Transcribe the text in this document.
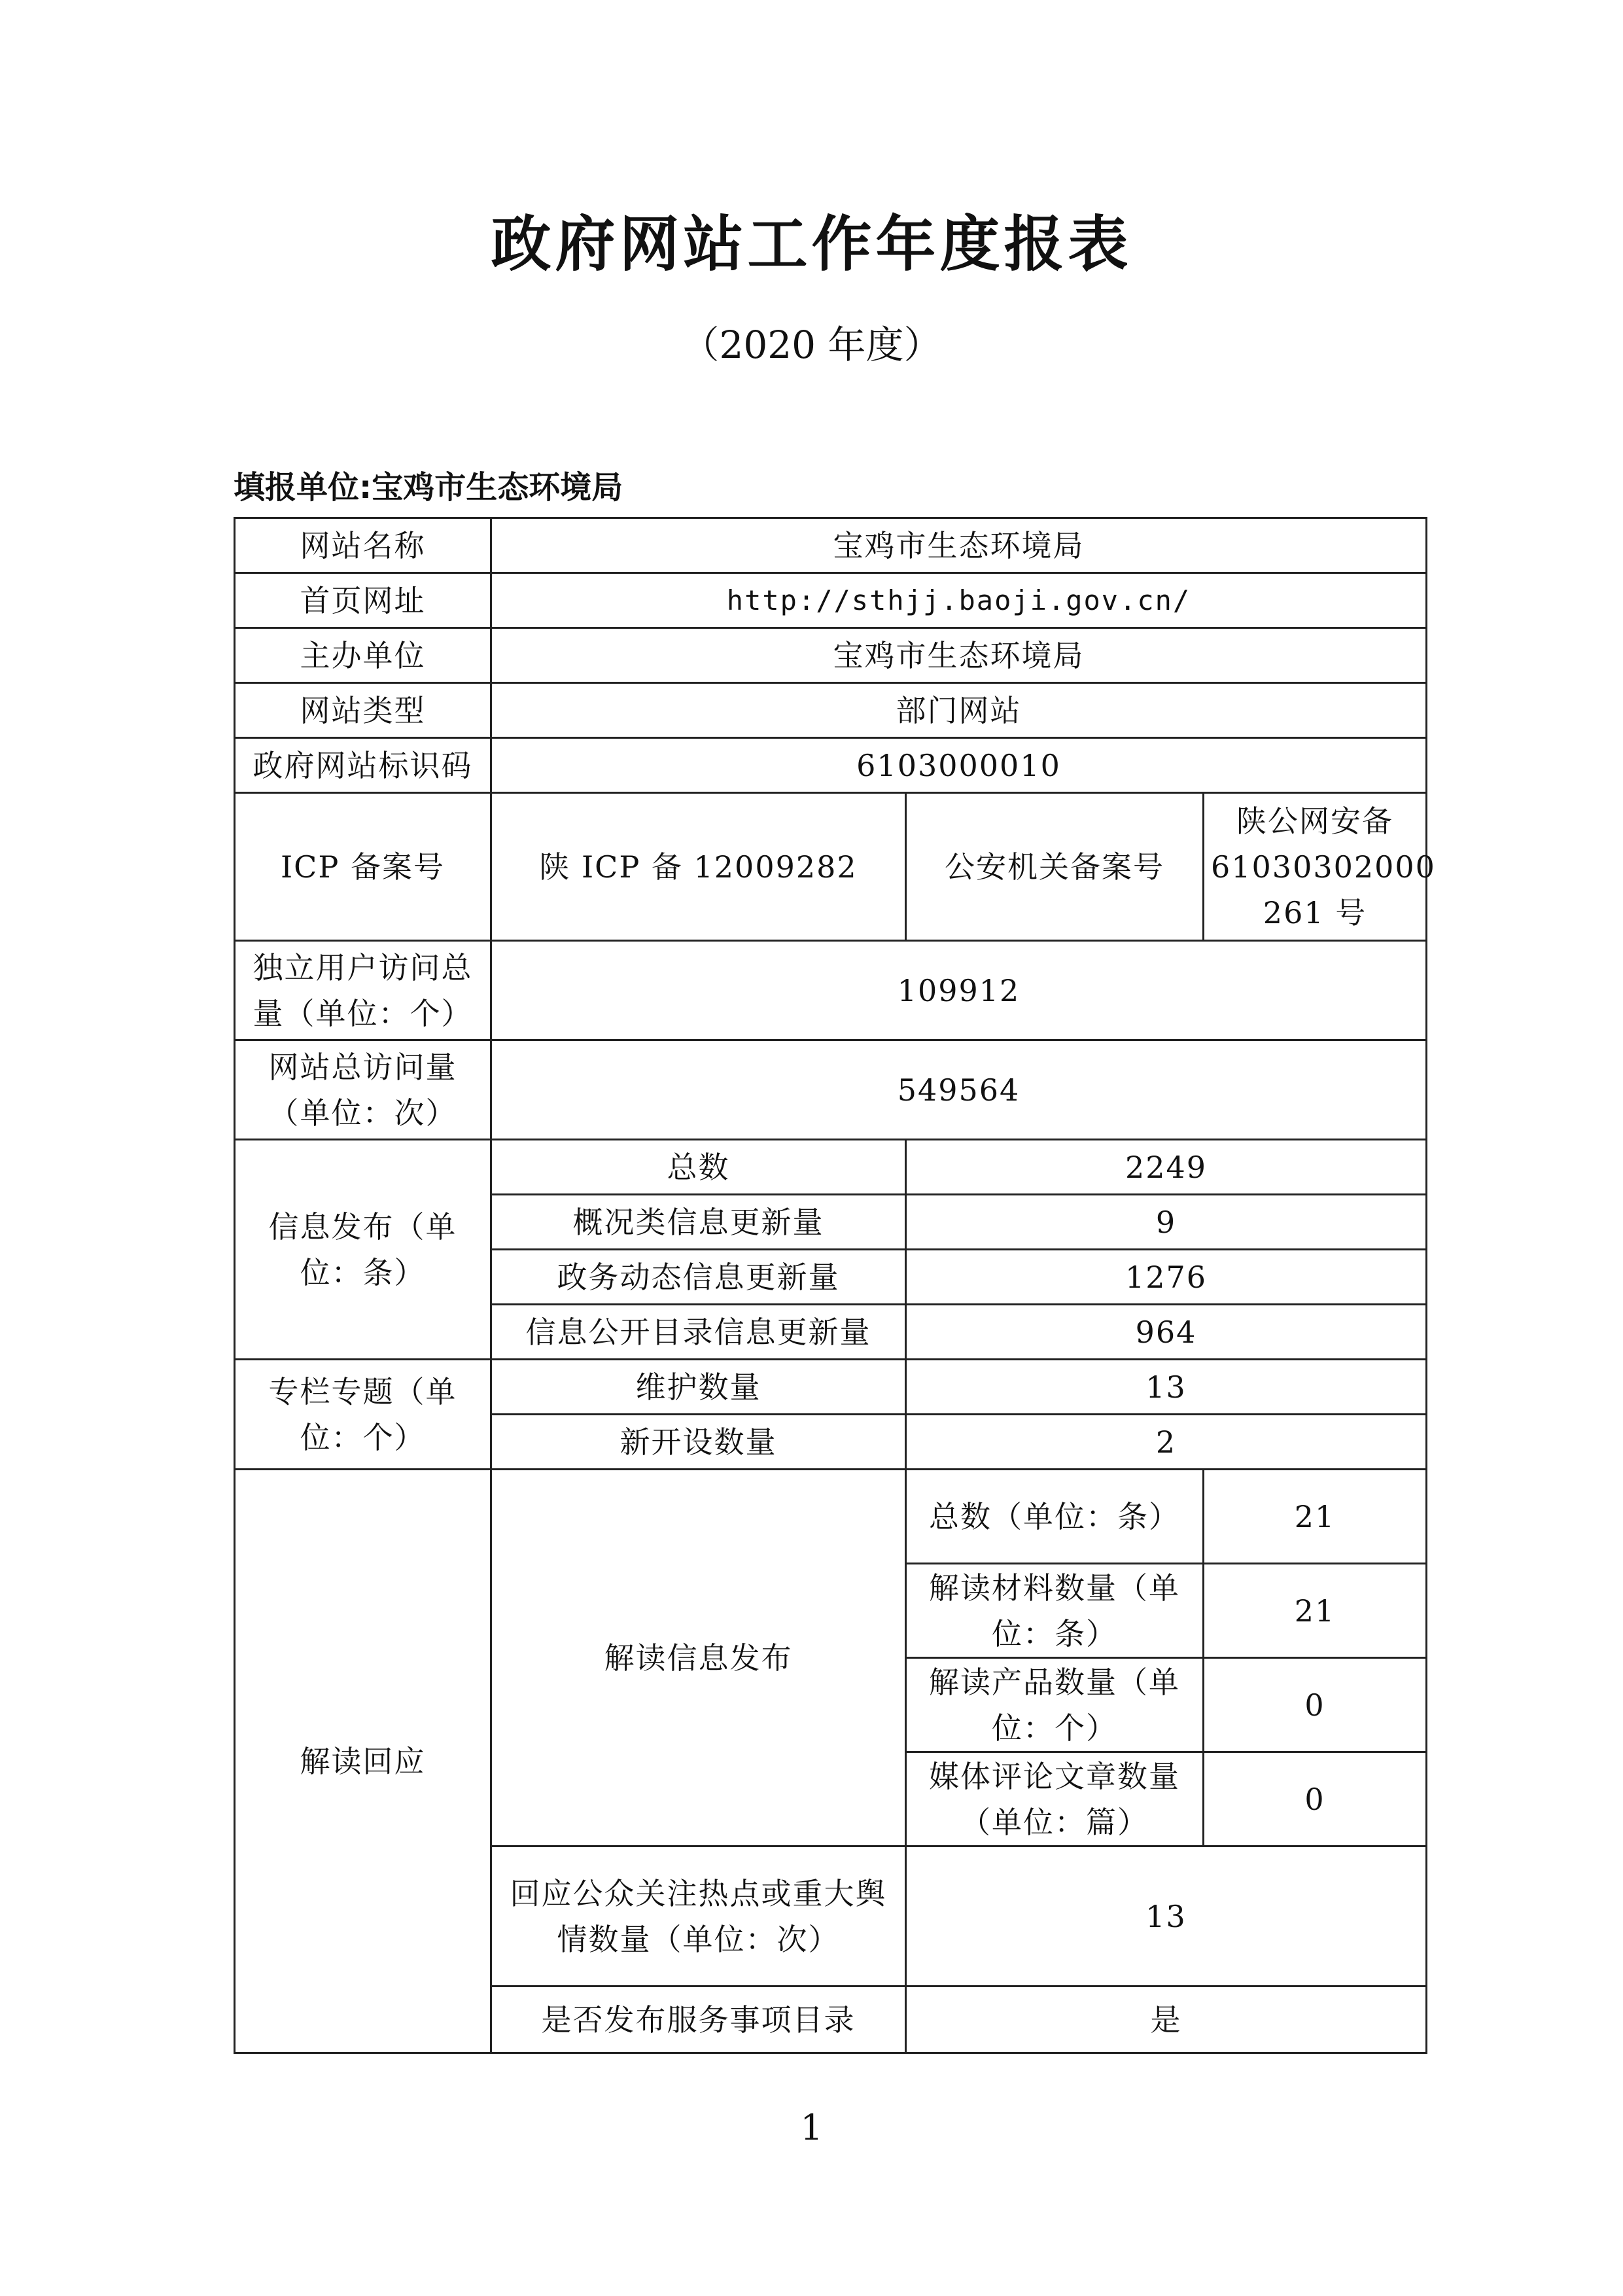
政府网站工作年度报表
（2020 年度）
填报单位:宝鸡市生态环境局
网站名称	宝鸡市生态环境局		
首页网址	http://sthjj.baoji.gov.cn/		
主办单位	宝鸡市生态环境局		
网站类型	部门网站		
政府网站标识码	6103000010		
ICP 备案号	陕 ICP 备 12009282	公安机关备案号	陕公网安备 61030302000 261 号
独立用户访问总量（单位：个）	109912		
网站总访问量（单位：次）	549564		
信息发布（单位：条）	总数	2249	
	概况类信息更新量	9	
	政务动态信息更新量	1276	
	信息公开目录信息更新量	964	
专栏专题（单位：个）	维护数量	13	
	新开设数量	2	
解读回应	解读信息发布	总数（单位：条）	21
		解读材料数量（单位：条）	21
		解读产品数量（单位：个）	0
		媒体评论文章数量（单位：篇）	0
	回应公众关注热点或重大舆情数量（单位：次）	13	
	是否发布服务事项目录	是	
1
